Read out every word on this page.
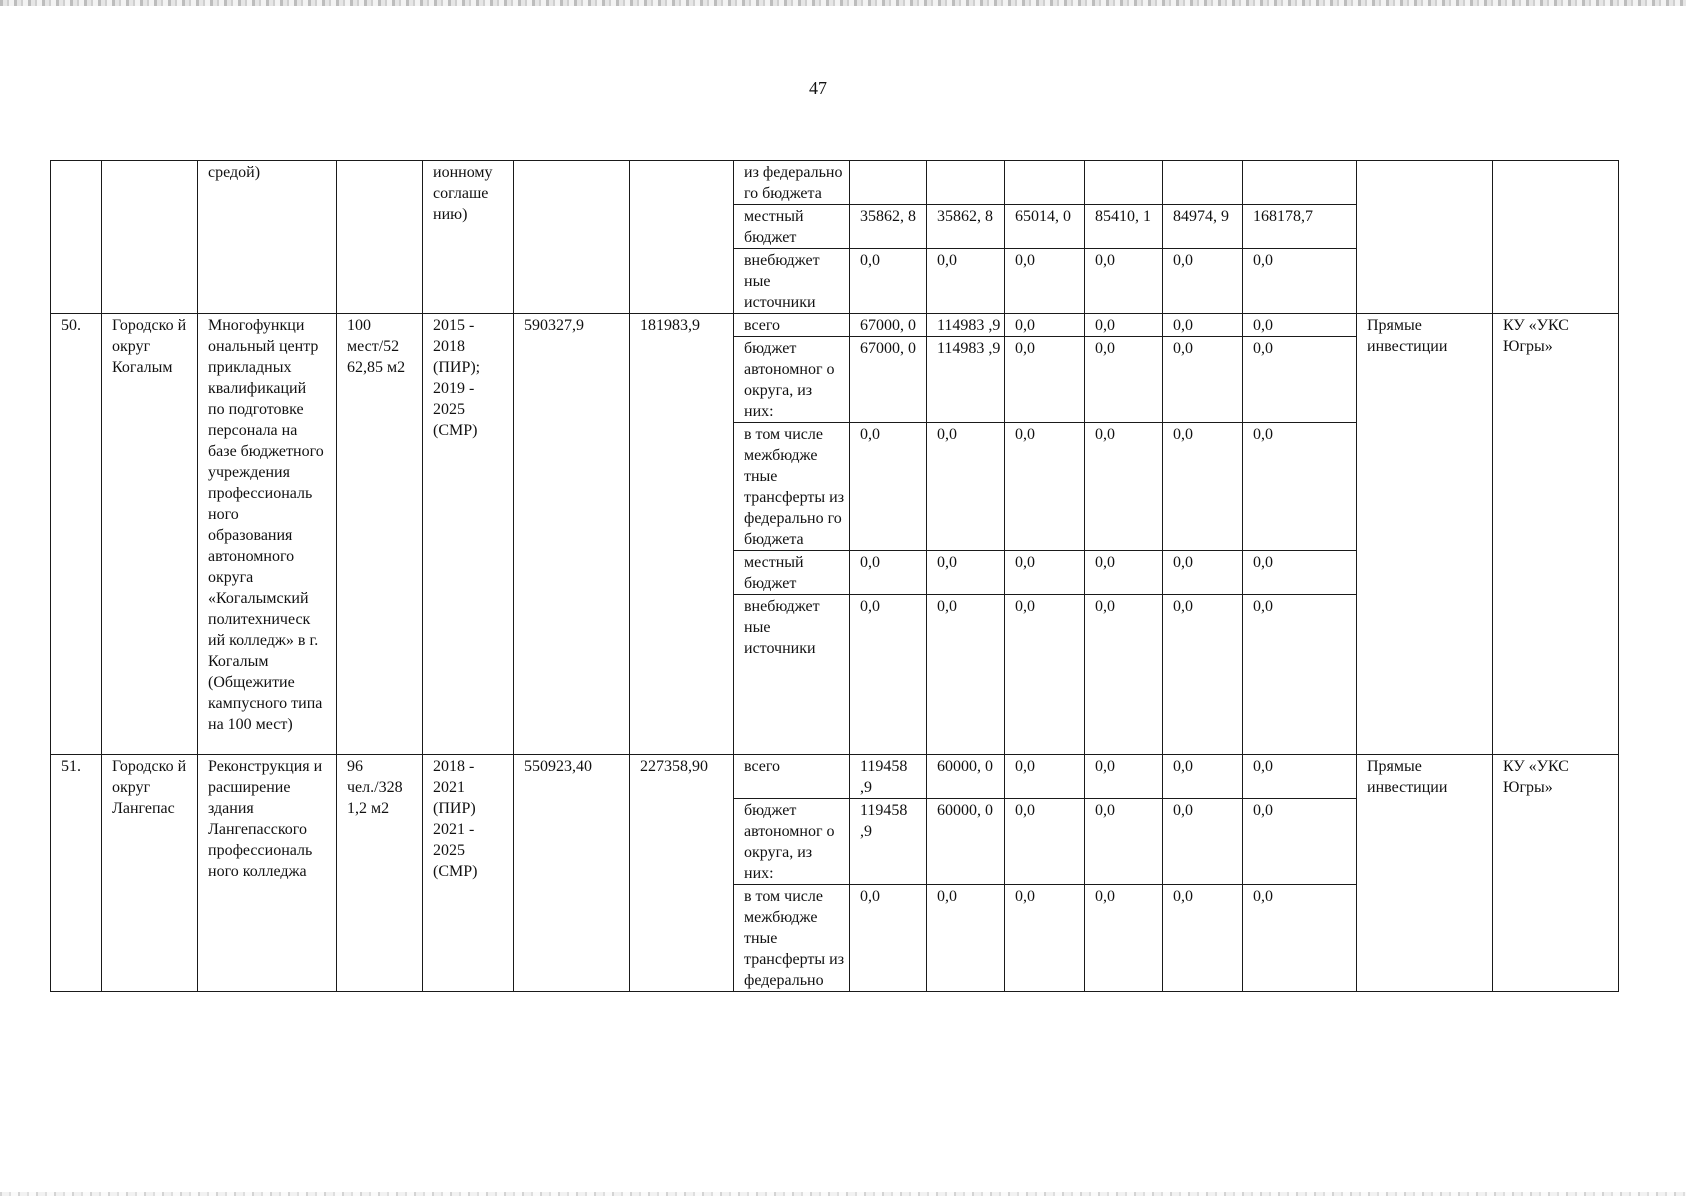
47
		средой)		ионному соглаше нию)			из федерально го бюджета								
							местный бюджет	35862, 8	35862, 8	65014, 0	85410, 1	84974, 9	168178,7		
							внебюджет ные источники	0,0	0,0	0,0	0,0	0,0	0,0		
50.	Городско й округ Когалым	Многофункци ональный центр прикладных квалификаций по подготовке персонала на базе бюджетного учреждения профессиональ ного образования автономного округа «Когалымский политехническ ий колледж» в г. Когалым (Общежитие кампусного типа на 100 мест)	100 мест/52 62,85 м2	2015 - 2018 (ПИР); 2019 - 2025 (СМР)	590327,9	181983,9	всего	67000, 0	114983 ,9	0,0	0,0	0,0	0,0	Прямые инвестиции	КУ «УКС Югры»
							бюджет автономног о округа, из них:	67000, 0	114983 ,9	0,0	0,0	0,0	0,0		
							в том числе межбюдже тные трансферты из федерально го бюджета	0,0	0,0	0,0	0,0	0,0	0,0		
							местный бюджет	0,0	0,0	0,0	0,0	0,0	0,0		
							внебюджет ные источники	0,0	0,0	0,0	0,0	0,0	0,0		
51.	Городско й округ Лангепас	Реконструкция и расширение здания Лангепасского профессиональ ного колледжа	96 чел./328 1,2 м2	2018 - 2021 (ПИР) 2021 - 2025 (СМР)	550923,40	227358,90	всего	119458 ,9	60000, 0	0,0	0,0	0,0	0,0	Прямые инвестиции	КУ «УКС Югры»
							бюджет автономног о округа, из них:	119458 ,9	60000, 0	0,0	0,0	0,0	0,0		
							в том числе межбюдже тные трансферты из федерально	0,0	0,0	0,0	0,0	0,0	0,0		
